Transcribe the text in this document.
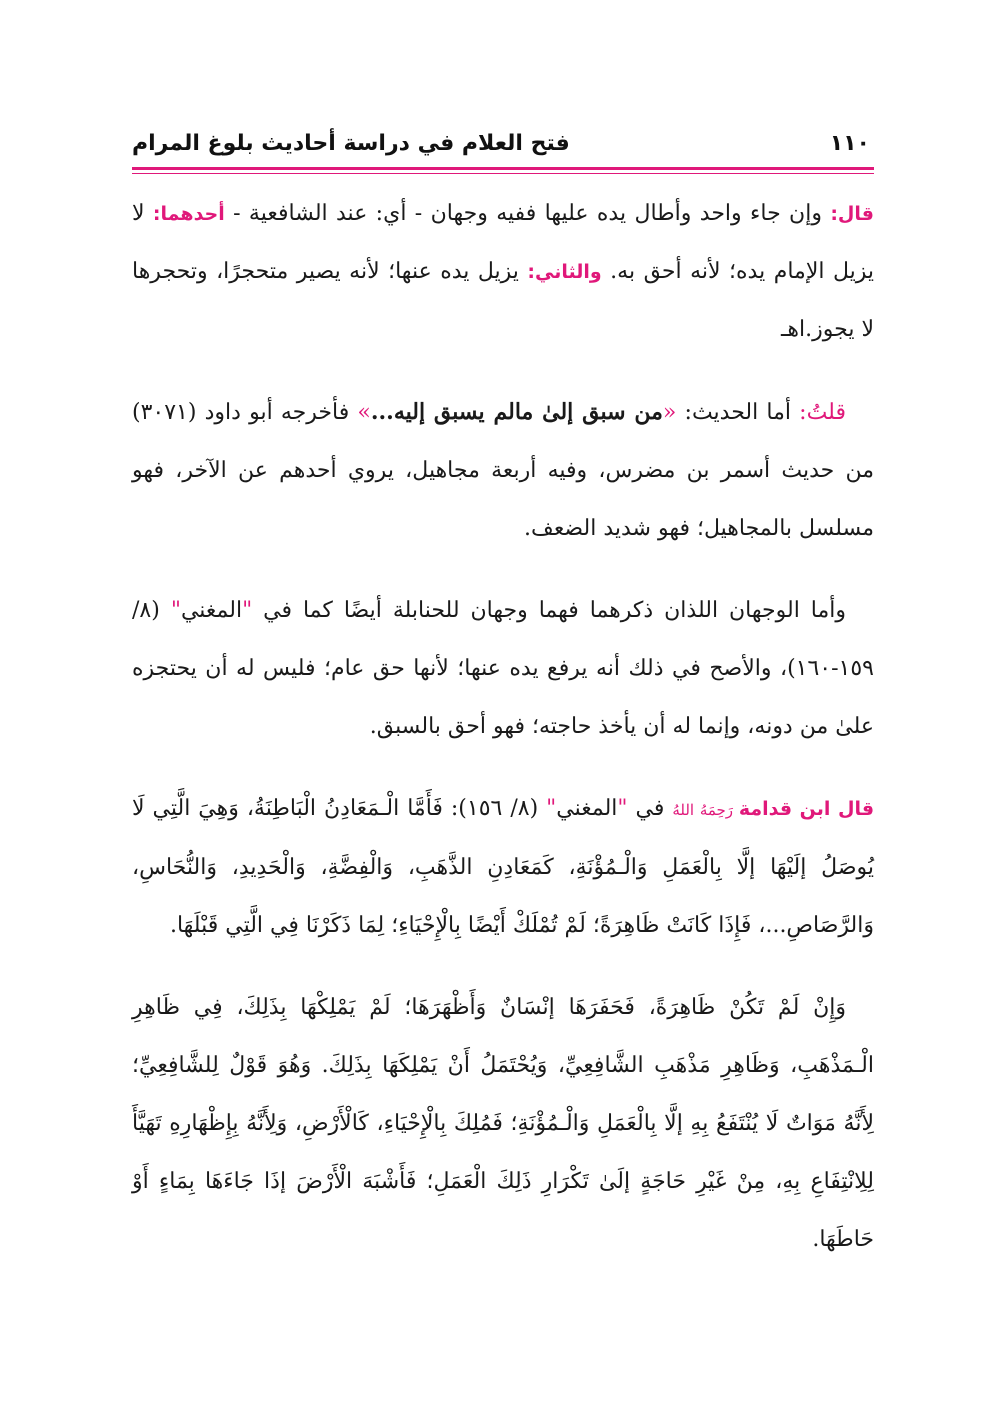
فتح العلام في دراسة أحاديث بلوغ المرام	١١٠

قال: وإن جاء واحد وأطال يده عليها ففيه وجهان - أي: عند الشافعية - أحدهما: لا يزيل الإمام يده؛ لأنه أحق به. والثاني: يزيل يده عنها؛ لأنه يصير متحجرًا، وتحجرها لا يجوز.اهـ

قلتُ: أما الحديث: «من سبق إلىٰ مالم يسبق إليه...» فأخرجه أبو داود (٣٠٧١) من حديث أسمر بن مضرس، وفيه أربعة مجاهيل، يروي أحدهم عن الآخر، فهو مسلسل بالمجاهيل؛ فهو شديد الضعف.

وأما الوجهان اللذان ذكرهما فهما وجهان للحنابلة أيضًا كما في "المغني" (٨/ ١٥٩-١٦٠)، والأصح في ذلك أنه يرفع يده عنها؛ لأنها حق عام؛ فليس له أن يحتجزه علىٰ من دونه، وإنما له أن يأخذ حاجته؛ فهو أحق بالسبق.

قال ابن قدامة رَحِمَهُ اللهُ في "المغني" (٨/ ١٥٦): فَأَمَّا الْـمَعَادِنُ الْبَاطِنَةُ، وَهِيَ الَّتِي لَا يُوصَلُ إلَيْهَا إلَّا بِالْعَمَلِ وَالْـمُؤْنَةِ، كَمَعَادِنِ الذَّهَبِ، وَالْفِضَّةِ، وَالْحَدِيدِ، وَالنُّحَاسِ، وَالرَّصَاصِ...، فَإِذَا كَانَتْ ظَاهِرَةً؛ لَمْ تُمْلَكْ أَيْضًا بِالْإِحْيَاءِ؛ لِمَا ذَكَرْنَا فِي الَّتِي قَبْلَهَا.

وَإِنْ لَمْ تَكُنْ ظَاهِرَةً، فَحَفَرَهَا إنْسَانٌ وَأَظْهَرَهَا؛ لَمْ يَمْلِكْهَا بِذَلِكَ، فِي ظَاهِرِ الْـمَذْهَبِ، وَظَاهِرِ مَذْهَبِ الشَّافِعِيِّ، وَيُحْتَمَلُ أَنْ يَمْلِكَهَا بِذَلِكَ. وَهُوَ قَوْلٌ لِلشَّافِعِيِّ؛ لِأَنَّهُ مَوَاتٌ لَا يُنْتَفَعُ بِهِ إلَّا بِالْعَمَلِ وَالْـمُؤْنَةِ؛ فَمُلِكَ بِالْإِحْيَاءِ، كَالْأَرْضِ، وَلِأَنَّهُ بِإِظْهَارِهِ تَهَيَّأَ لِلِانْتِفَاعِ بِهِ، مِنْ غَيْرِ حَاجَةٍ إلَىٰ تَكْرَارِ ذَلِكَ الْعَمَلِ؛ فَأَشْبَهَ الْأَرْضَ إذَا جَاءَهَا بِمَاءٍ أَوْ حَاطَهَا.
